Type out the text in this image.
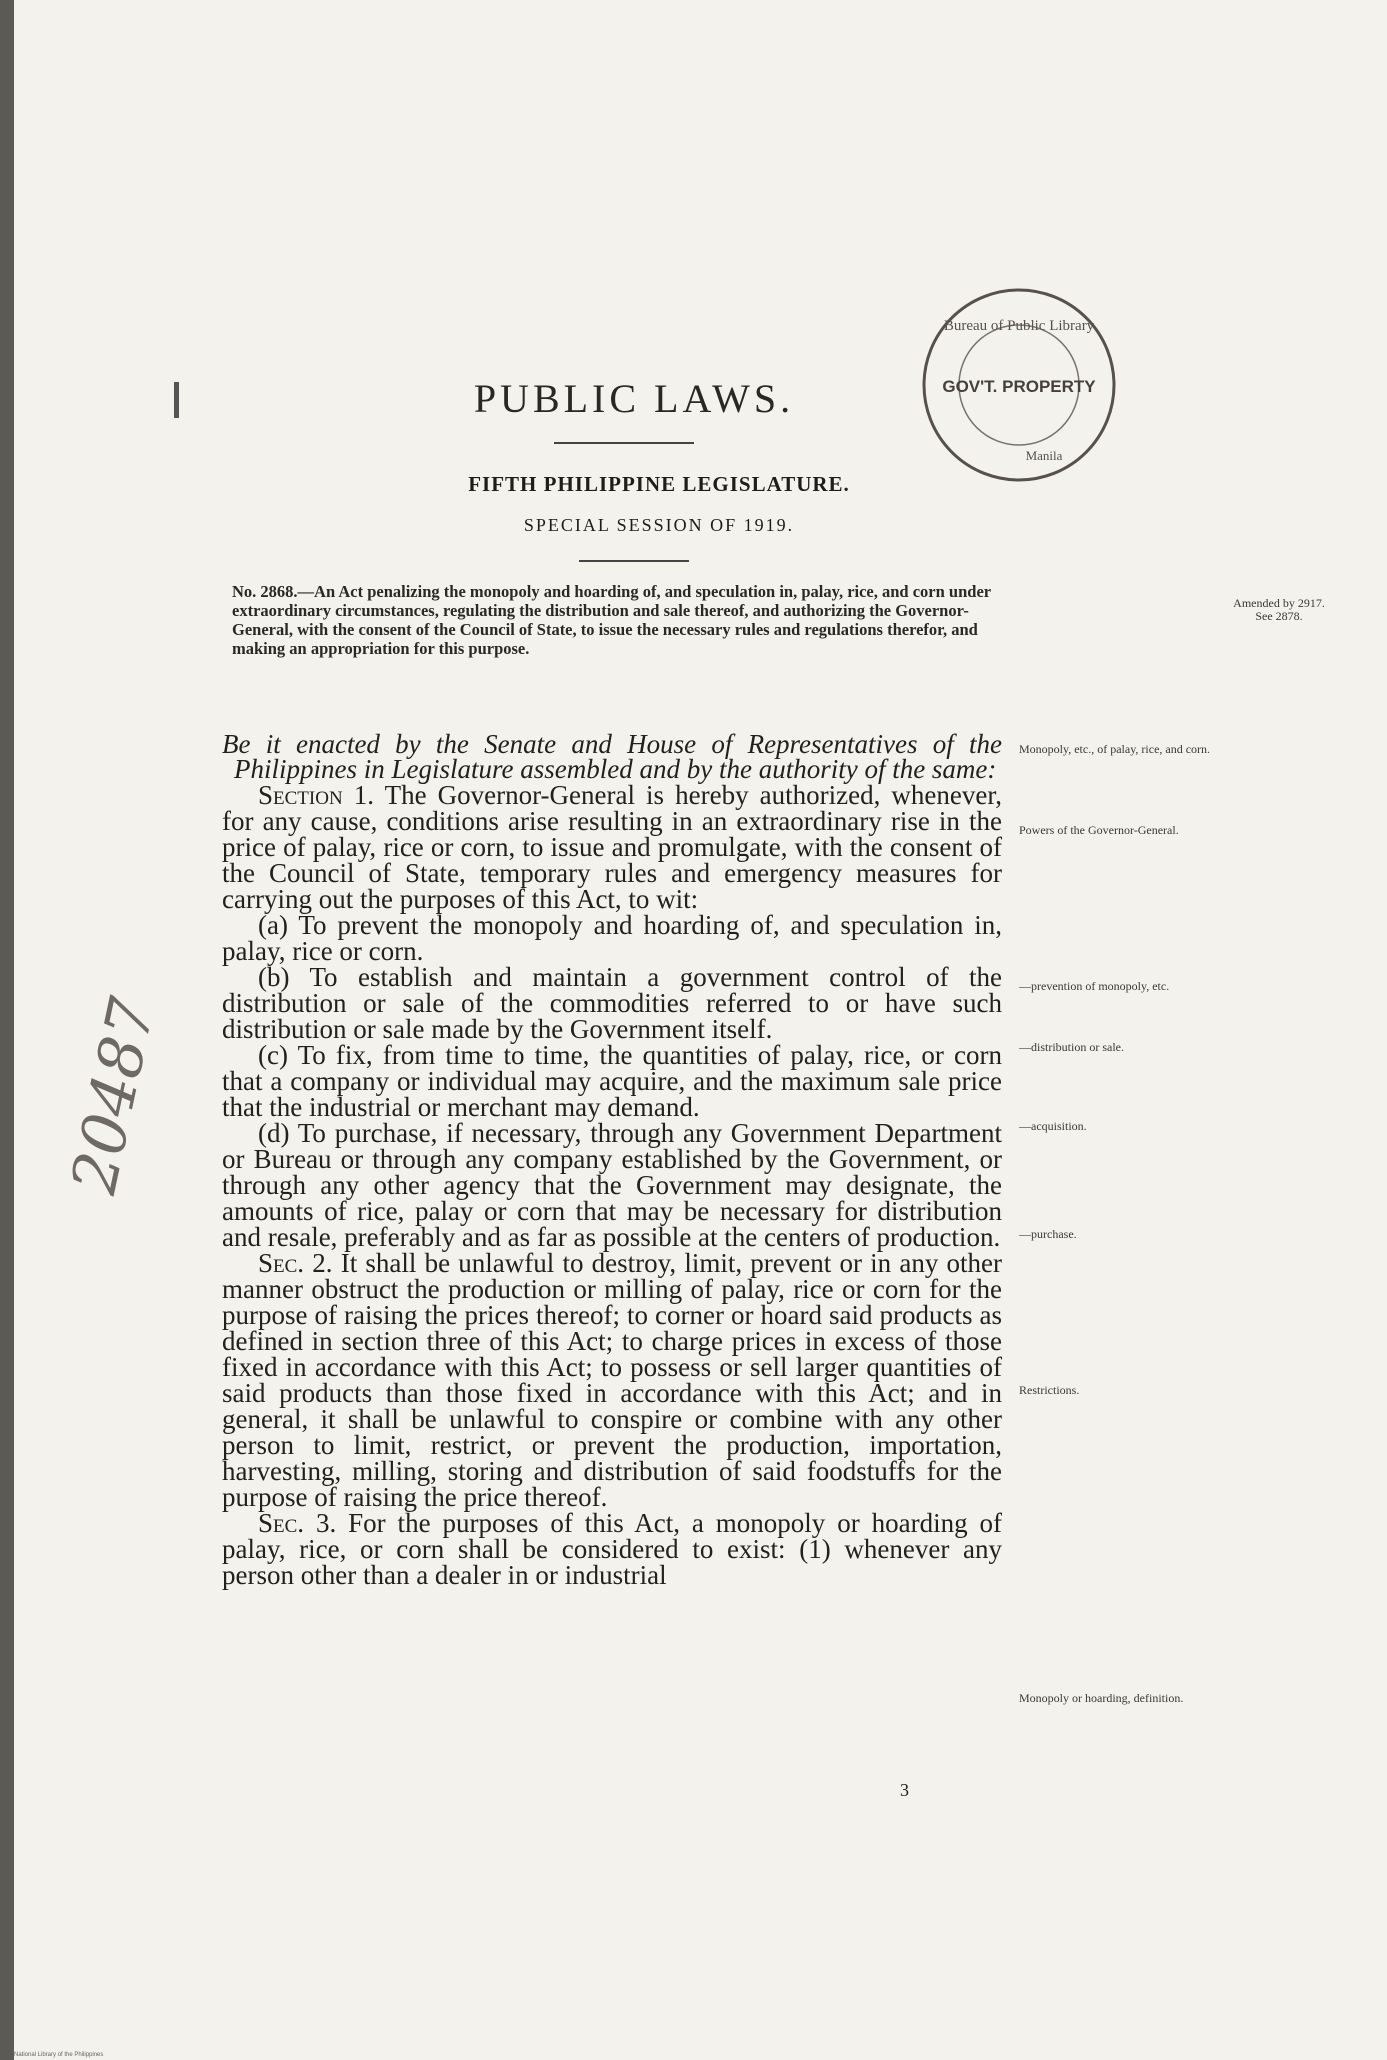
Bureau of Public Library
GOV'T. PROPERTY
Manila
PUBLIC LAWS.
FIFTH PHILIPPINE LEGISLATURE.
SPECIAL SESSION OF 1919.
No. 2868.—An Act penalizing the monopoly and hoarding of, and speculation in, palay, rice, and corn under extraordinary circumstances, regulating the distribution and sale thereof, and authorizing the Governor-General, with the consent of the Council of State, to issue the necessary rules and regulations therefor, and making an appropriation for this purpose.

Be it enacted by the Senate and House of Representatives of the Philippines in Legislature assembled and by the authority of the same:

Section 1. The Governor-General is hereby authorized, whenever, for any cause, conditions arise resulting in an extraordinary rise in the price of palay, rice or corn, to issue and promulgate, with the consent of the Council of State, temporary rules and emergency measures for carrying out the purposes of this Act, to wit:

(a) To prevent the monopoly and hoarding of, and speculation in, palay, rice or corn.

(b) To establish and maintain a government control of the distribution or sale of the commodities referred to or have such distribution or sale made by the Government itself.

(c) To fix, from time to time, the quantities of palay, rice, or corn that a company or individual may acquire, and the maximum sale price that the industrial or merchant may demand.

(d) To purchase, if necessary, through any Government Department or Bureau or through any company established by the Government, or through any other agency that the Government may designate, the amounts of rice, palay or corn that may be necessary for distribution and resale, preferably and as far as possible at the centers of production.

Sec. 2. It shall be unlawful to destroy, limit, prevent or in any other manner obstruct the production or milling of palay, rice or corn for the purpose of raising the prices thereof; to corner or hoard said products as defined in section three of this Act; to charge prices in excess of those fixed in accordance with this Act; to possess or sell larger quantities of said products than those fixed in accordance with this Act; and in general, it shall be unlawful to conspire or combine with any other person to limit, restrict, or prevent the production, importation, harvesting, milling, storing and distribution of said foodstuffs for the purpose of raising the price thereof.

Sec. 3. For the purposes of this Act, a monopoly or hoarding of palay, rice, or corn shall be considered to exist: (1) whenever any person other than a dealer in or industrial

Amended by 2917. See 2878.
Monopoly, etc., of palay, rice, and corn.
Powers of the Governor-General.
—prevention of monopoly, etc.
—distribution or sale.
—acquisition.
—purchase.
Restrictions.
Monopoly or hoarding, definition.
20487
3
National Library of the Philippines
